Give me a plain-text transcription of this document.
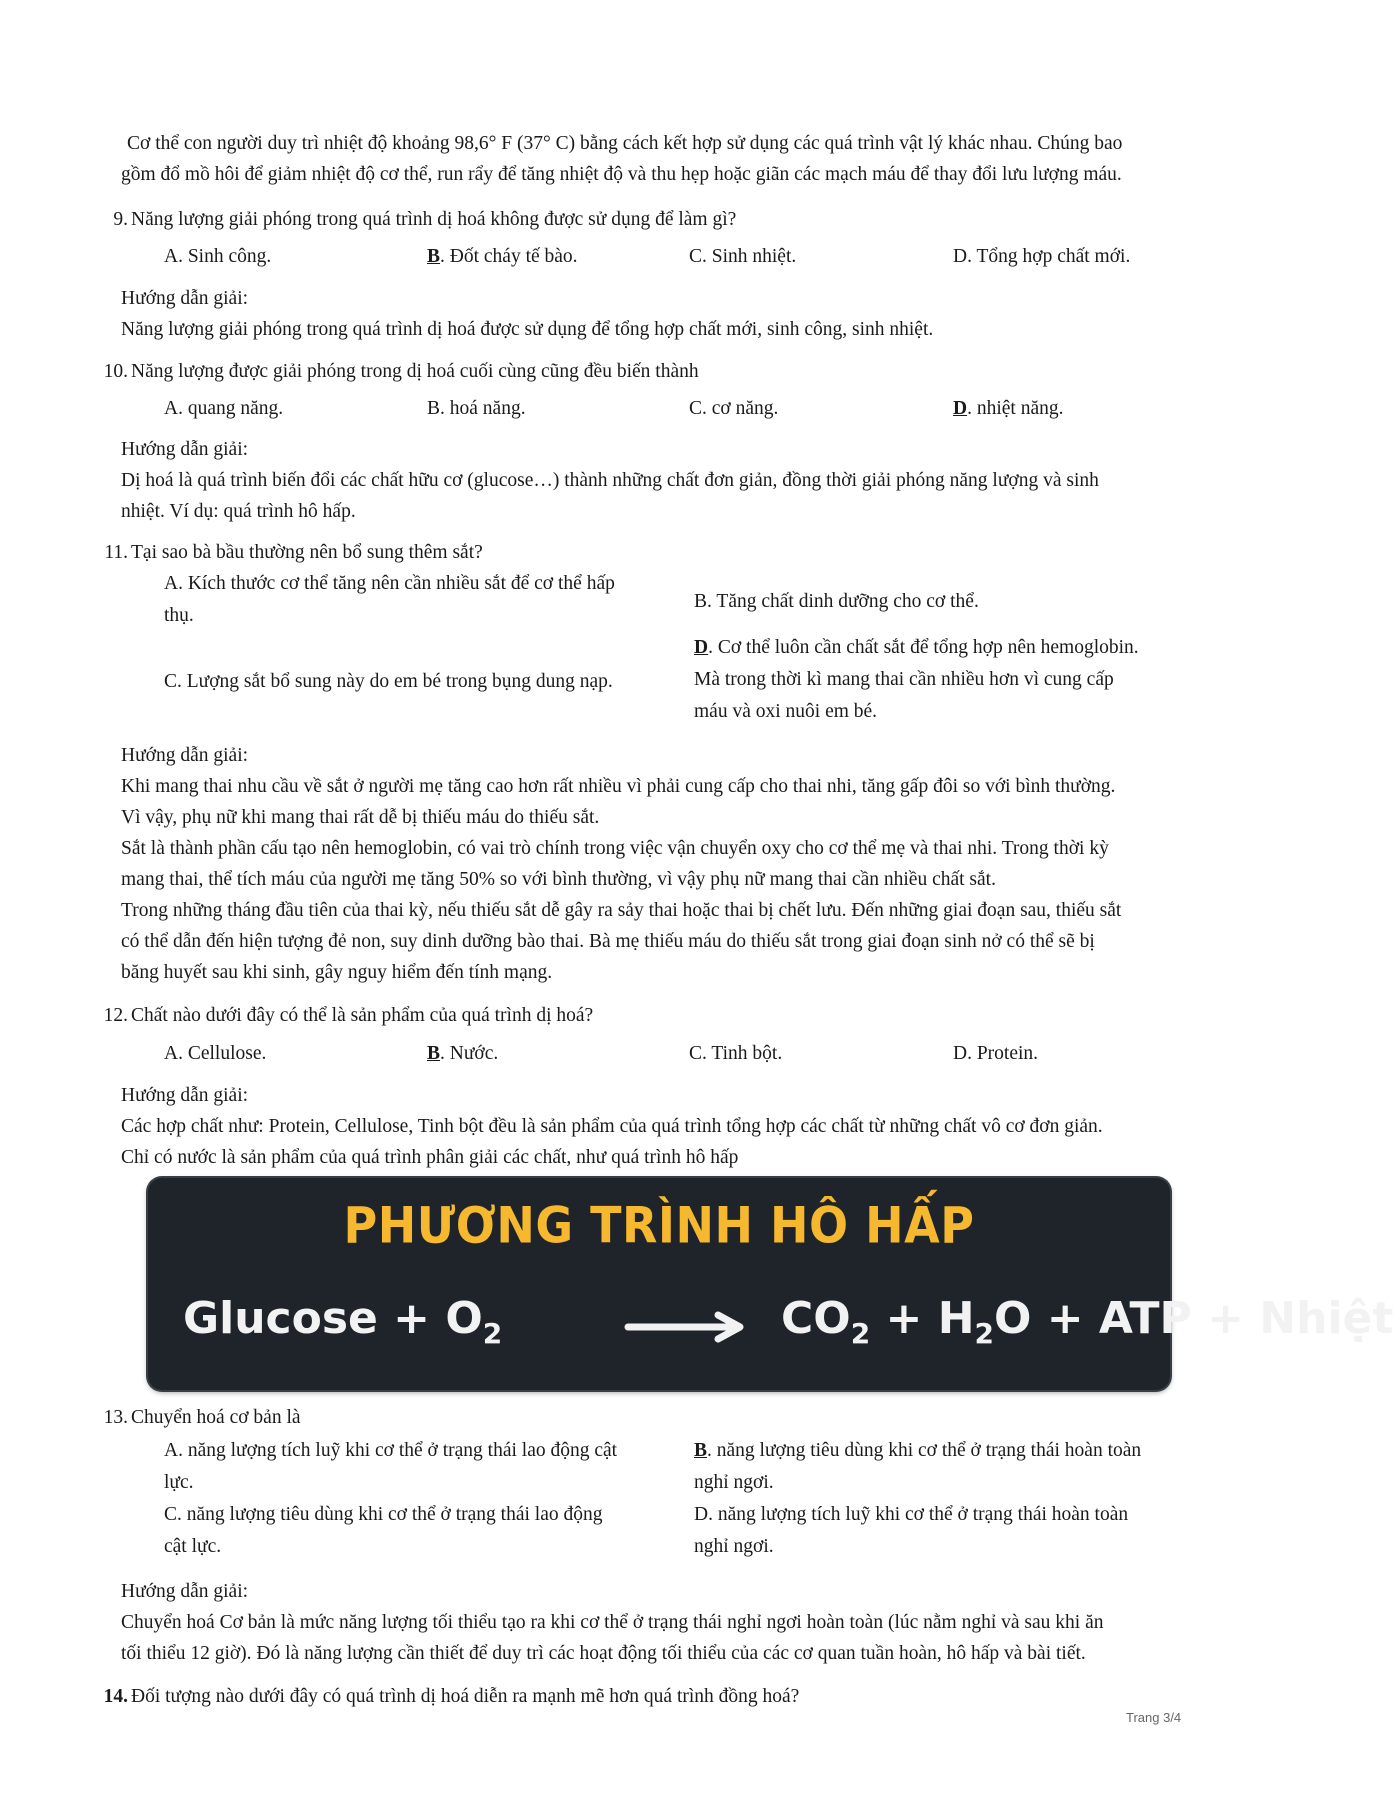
Cơ thể con người duy trì nhiệt độ khoảng 98,6° F (37° C) bằng cách kết hợp sử dụng các quá trình vật lý khác nhau. Chúng bao
gồm đổ mồ hôi để giảm nhiệt độ cơ thể, run rẩy để tăng nhiệt độ và thu hẹp hoặc giãn các mạch máu để thay đổi lưu lượng máu.
9. Năng lượng giải phóng trong quá trình dị hoá không được sử dụng để làm gì?
A. Sinh công.	B. Đốt cháy tế bào.	C. Sinh nhiệt.	D. Tổng hợp chất mới.
Hướng dẫn giải:
Năng lượng giải phóng trong quá trình dị hoá được sử dụng để tổng hợp chất mới, sinh công, sinh nhiệt.
10. Năng lượng được giải phóng trong dị hoá cuối cùng cũng đều biến thành
A. quang năng.	B. hoá năng.	C. cơ năng.	D. nhiệt năng.
Hướng dẫn giải:
Dị hoá là quá trình biến đổi các chất hữu cơ (glucose…) thành những chất đơn giản, đồng thời giải phóng năng lượng và sinh
nhiệt. Ví dụ: quá trình hô hấp.
11. Tại sao bà bầu thường nên bổ sung thêm sắt?
A. Kích thước cơ thể tăng nên cần nhiều sắt để cơ thể hấp
thụ.
B. Tăng chất dinh dưỡng cho cơ thể.
C. Lượng sắt bổ sung này do em bé trong bụng dung nạp.
D. Cơ thể luôn cần chất sắt để tổng hợp nên hemoglobin.
Mà trong thời kì mang thai cần nhiều hơn vì cung cấp
máu và oxi nuôi em bé.
Hướng dẫn giải:
Khi mang thai nhu cầu về sắt ở người mẹ tăng cao hơn rất nhiều vì phải cung cấp cho thai nhi, tăng gấp đôi so với bình thường.
Vì vậy, phụ nữ khi mang thai rất dễ bị thiếu máu do thiếu sắt.
Sắt là thành phần cấu tạo nên hemoglobin, có vai trò chính trong việc vận chuyển oxy cho cơ thể mẹ và thai nhi. Trong thời kỳ
mang thai, thể tích máu của người mẹ tăng 50% so với bình thường, vì vậy phụ nữ mang thai cần nhiều chất sắt.
Trong những tháng đầu tiên của thai kỳ, nếu thiếu sắt dễ gây ra sảy thai hoặc thai bị chết lưu. Đến những giai đoạn sau, thiếu sắt
có thể dẫn đến hiện tượng đẻ non, suy dinh dưỡng bào thai. Bà mẹ thiếu máu do thiếu sắt trong giai đoạn sinh nở có thể sẽ bị
băng huyết sau khi sinh, gây nguy hiểm đến tính mạng.
12. Chất nào dưới đây có thể là sản phẩm của quá trình dị hoá?
A. Cellulose.	B. Nước.	C. Tinh bột.	D. Protein.
Hướng dẫn giải:
Các hợp chất như: Protein, Cellulose, Tinh bột đều là sản phẩm của quá trình tổng hợp các chất từ những chất vô cơ đơn giản.
Chỉ có nước là sản phẩm của quá trình phân giải các chất, như quá trình hô hấp
PHƯƠNG TRÌNH HÔ HẤP
$Glucose + O_2$	$CO_2 + H_2O$ + ATP + Nhiệt
13. Chuyển hoá cơ bản là
A. năng lượng tích luỹ khi cơ thể ở trạng thái lao động cật
lực.
B. năng lượng tiêu dùng khi cơ thể ở trạng thái hoàn toàn
nghỉ ngơi.
C. năng lượng tiêu dùng khi cơ thể ở trạng thái lao động
cật lực.
D. năng lượng tích luỹ khi cơ thể ở trạng thái hoàn toàn
nghỉ ngơi.
Hướng dẫn giải:
Chuyển hoá Cơ bản là mức năng lượng tối thiểu tạo ra khi cơ thể ở trạng thái nghỉ ngơi hoàn toàn (lúc nằm nghỉ và sau khi ăn
tối thiểu 12 giờ). Đó là năng lượng cần thiết để duy trì các hoạt động tối thiểu của các cơ quan tuần hoàn, hô hấp và bài tiết.
14. Đối tượng nào dưới đây có quá trình dị hoá diễn ra mạnh mẽ hơn quá trình đồng hoá?
Trang 3/4
